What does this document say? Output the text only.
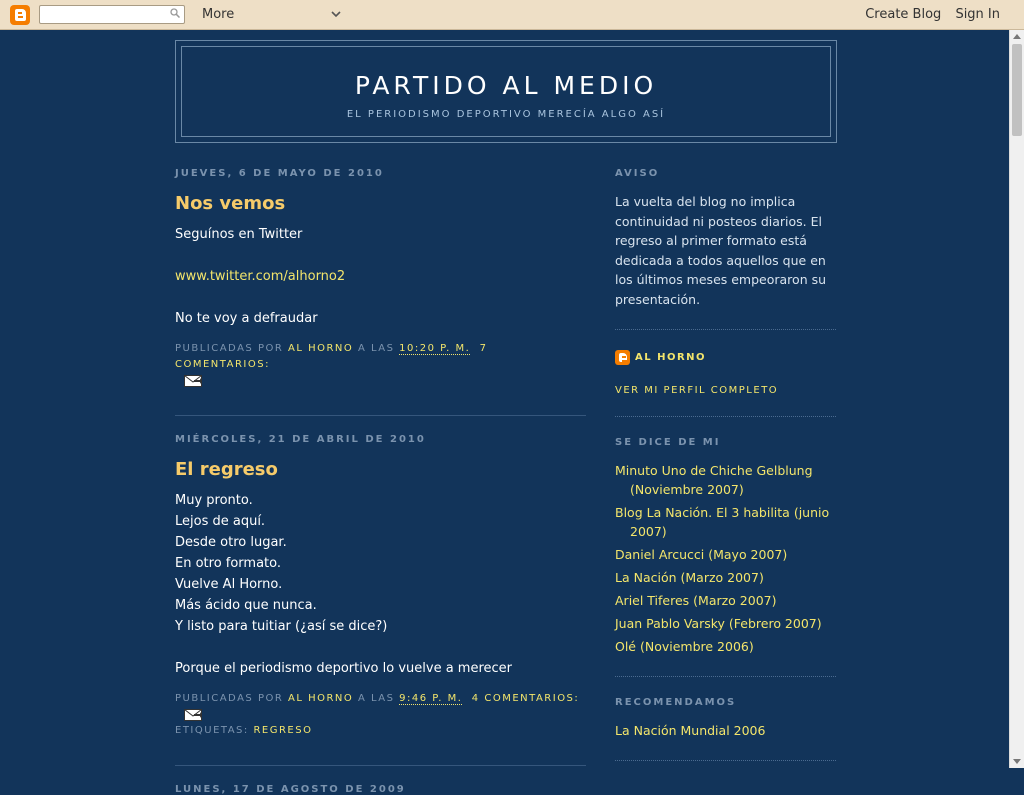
More	Create Blog Sign In
PARTIDO AL MEDIO
EL PERIODISMO DEPORTIVO MERECÍA ALGO ASÍ
JUEVES, 6 DE MAYO DE 2010
Nos vemos

Seguínos en Twitter

www.twitter.com/alhorno2

No te voy a defraudar

PUBLICADAS POR AL HORNO A LAS 10:20 P. M. 7 COMENTARIOS:

MIÉRCOLES, 21 DE ABRIL DE 2010
El regreso

Muy pronto.

Lejos de aquí.

Desde otro lugar.

En otro formato.

Vuelve Al Horno.

Más ácido que nunca.

Y listo para tuitiar (¿así se dice?)

Porque el periodismo deportivo lo vuelve a merecer

PUBLICADAS POR AL HORNO A LAS 9:46 P. M. 4 COMENTARIOS:

ETIQUETAS: REGRESO
LUNES, 17 DE AGOSTO DE 2009
AVISO
La vuelta del blog no implica continuidad ni posteos diarios. El regreso al primer formato está dedicada a todos aquellos que en los últimos meses empeoraron su presentación.
AL HORNO
VER MI PERFIL COMPLETO
SE DICE DE MI
Minuto Uno de Chiche Gelblung (Noviembre 2007)
Blog La Nación. El 3 habilita (junio 2007)
Daniel Arcucci (Mayo 2007)
La Nación (Marzo 2007)
Ariel Tiferes (Marzo 2007)
Juan Pablo Varsky (Febrero 2007)
Olé (Noviembre 2006)
RECOMENDAMOS
La Nación Mundial 2006
